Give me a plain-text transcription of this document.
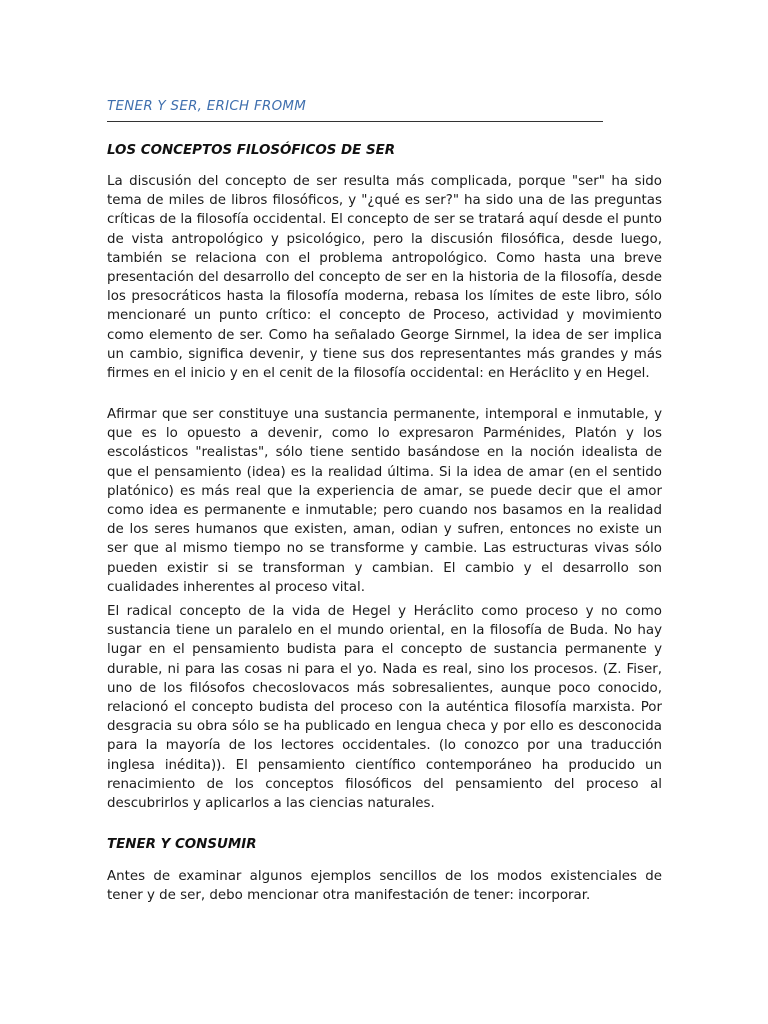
TENER Y SER, ERICH FROMM
LOS CONCEPTOS FILOSÓFICOS DE SER

La discusión del concepto de ser resulta más complicada, porque "ser" ha sido tema de miles de libros filosóficos, y "¿qué es ser?" ha sido una de las preguntas críticas de la filosofía occidental. El concepto de ser se tratará aquí desde el punto de vista antropológico y psicológico, pero la discusión filosófica, desde luego, también se relaciona con el problema antropológico. Como hasta una breve presentación del desarrollo del concepto de ser en la historia de la filosofía, desde los presocráticos hasta la filosofía moderna, rebasa los límites de este libro, sólo mencionaré un punto crítico: el concepto de Proceso, actividad y movimiento como elemento de ser. Como ha señalado George Sirnmel, la idea de ser implica un cambio, significa devenir, y tiene sus dos representantes más grandes y más firmes en el inicio y en el cenit de la filosofía occidental: en Heráclito y en Hegel.

Afirmar que ser constituye una sustancia permanente, intemporal e inmutable, y que es lo opuesto a devenir, como lo expresaron Parménides, Platón y los escolásticos "realistas", sólo tiene sentido basándose en la noción idealista de que el pensamiento (idea) es la realidad última. Si la idea de amar (en el sentido platónico) es más real que la experiencia de amar, se puede decir que el amor como idea es permanente e inmutable; pero cuando nos basamos en la realidad de los seres humanos que existen, aman, odian y sufren, entonces no existe un ser que al mismo tiempo no se transforme y cambie. Las estructuras vivas sólo pueden existir si se transforman y cambian. El cambio y el desarrollo son cualidades inherentes al proceso vital.

El radical concepto de la vida de Hegel y Heráclito como proceso y no como sustancia tiene un paralelo en el mundo oriental, en la filosofía de Buda. No hay lugar en el pensamiento budista para el concepto de sustancia permanente y durable, ni para las cosas ni para el yo. Nada es real, sino los procesos. (Z. Fiser, uno de los filósofos checoslovacos más sobresalientes, aunque poco conocido, relacionó el concepto budista del proceso con la auténtica filosofía marxista. Por desgracia su obra sólo se ha publicado en lengua checa y por ello es desconocida para la mayoría de los lectores occidentales. (lo conozco por una traducción inglesa inédita)). El pensamiento científico contemporáneo ha producido un renacimiento de los conceptos filosóficos del pensamiento del proceso al descubrirlos y aplicarlos a las ciencias naturales.

TENER Y CONSUMIR

Antes de examinar algunos ejemplos sencillos de los modos existenciales de tener y de ser, debo mencionar otra manifestación de tener: incorporar.
